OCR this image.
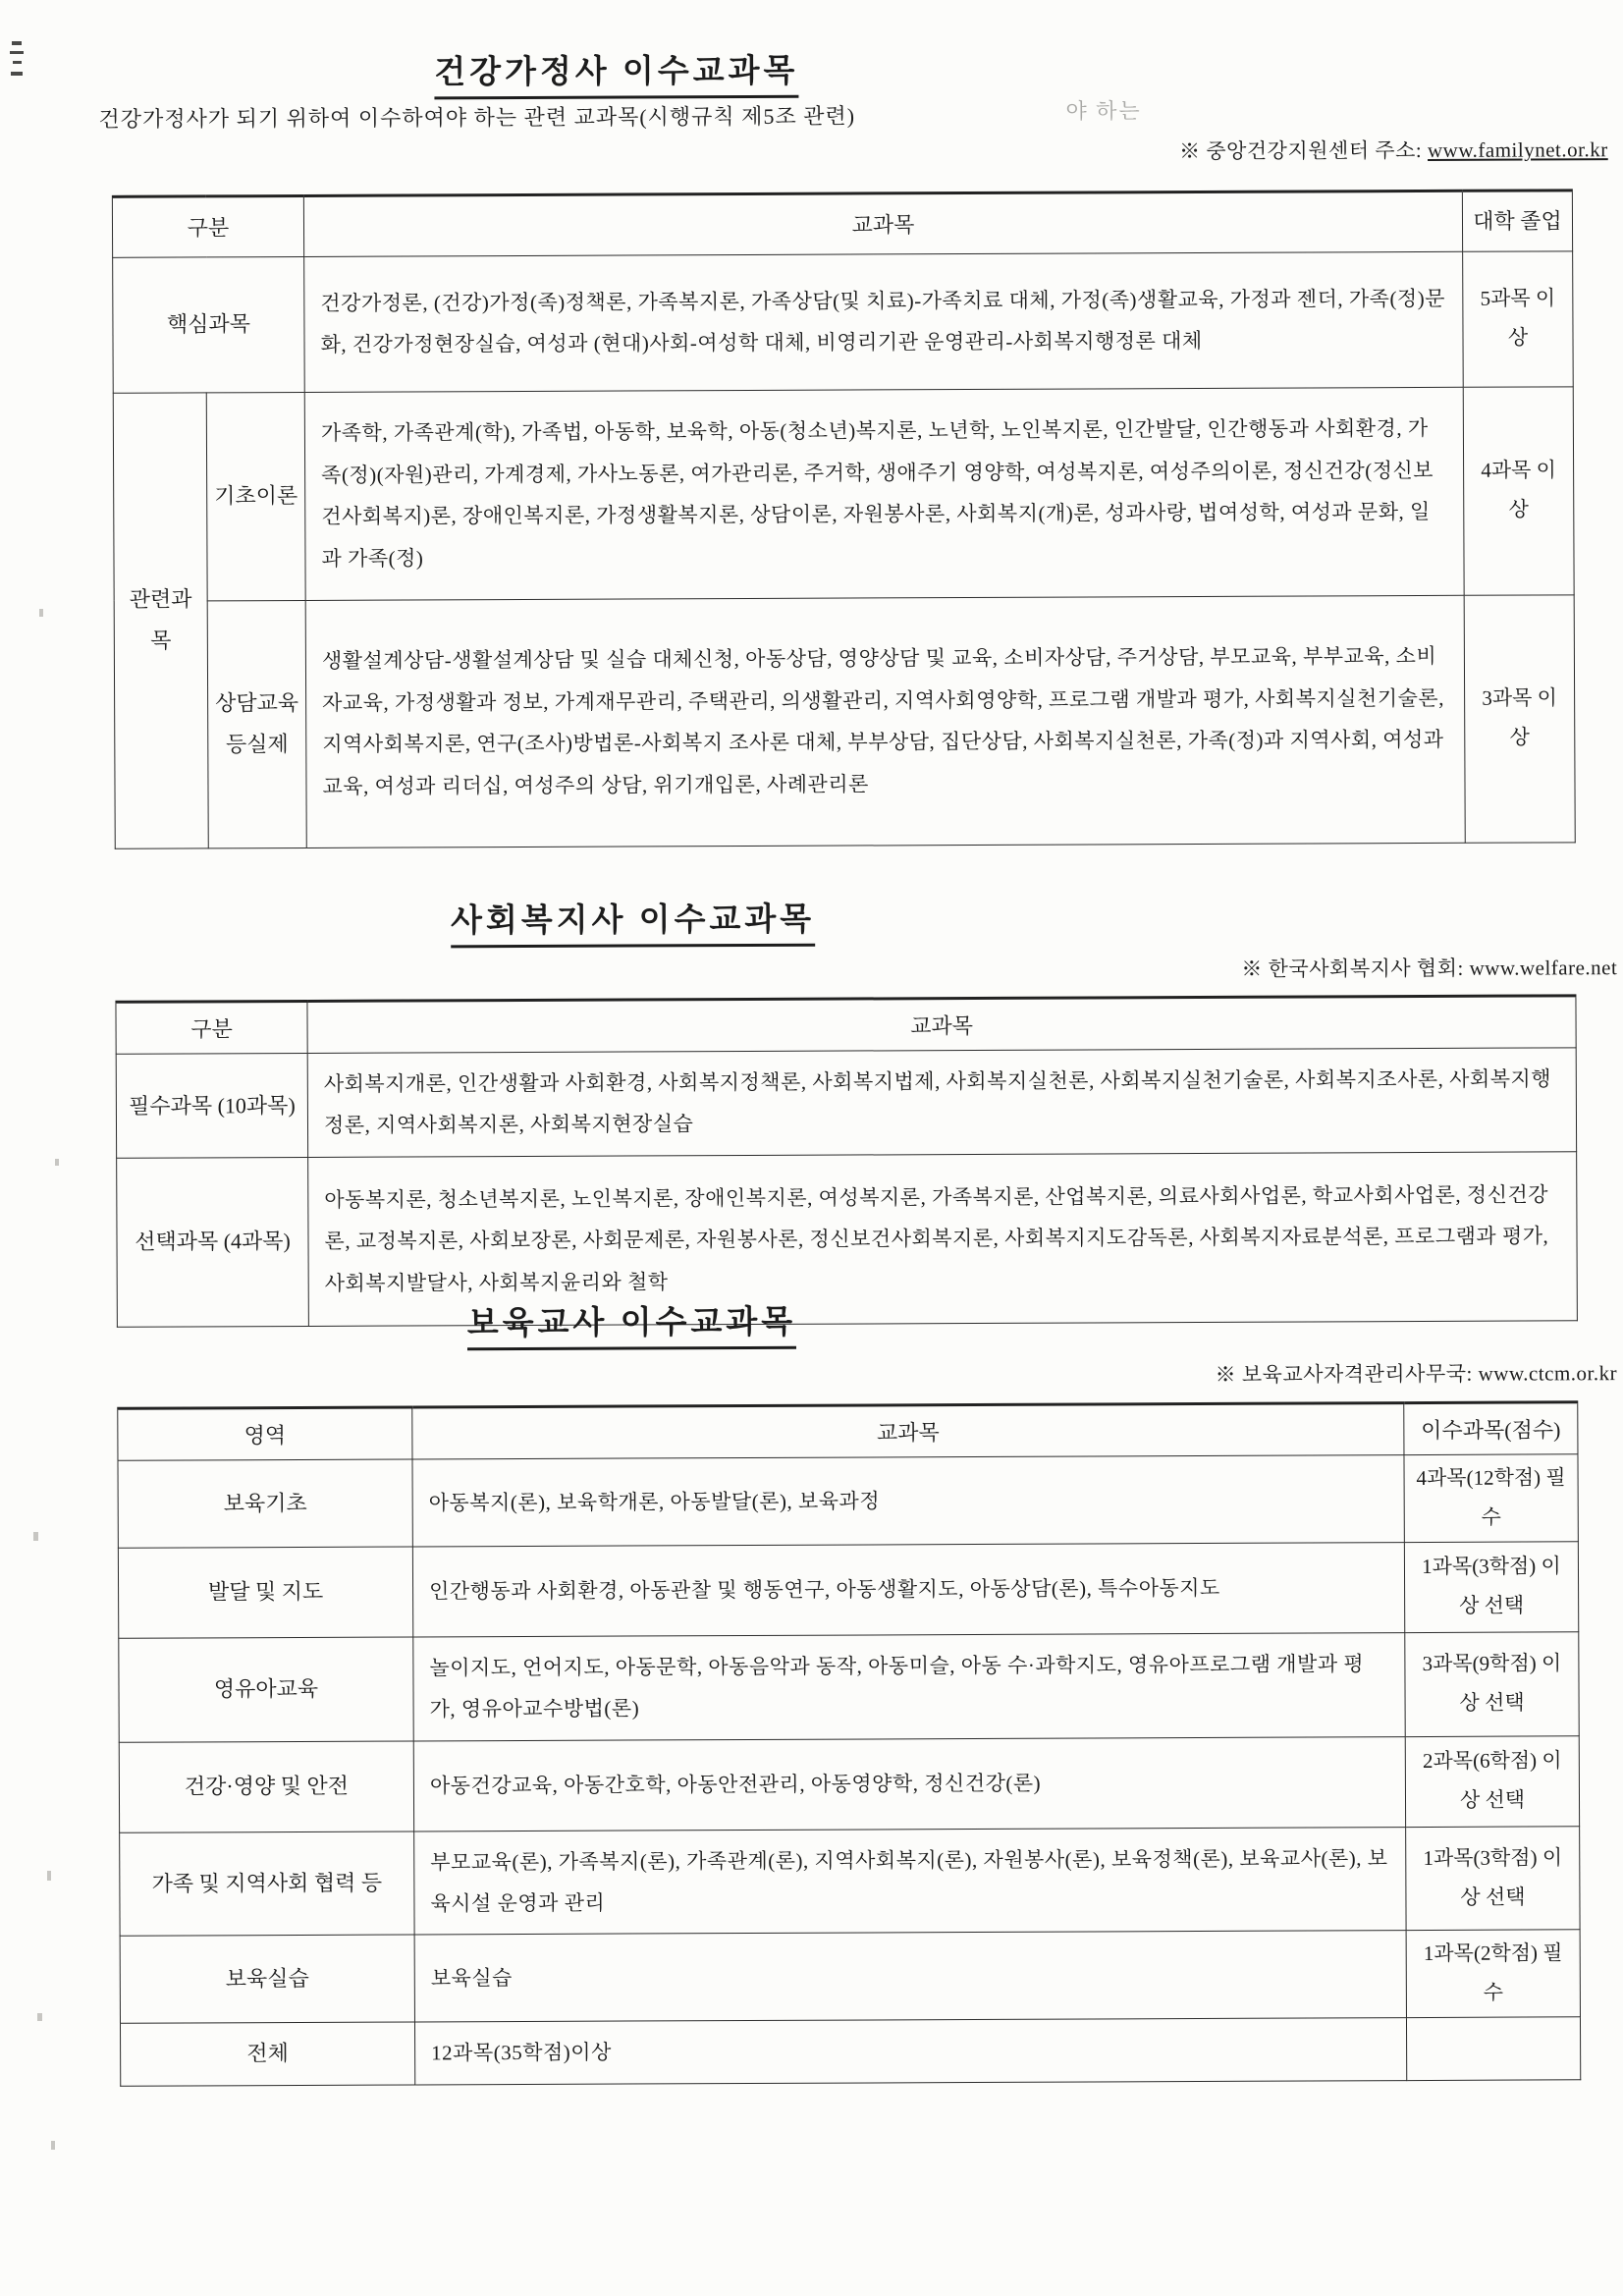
건강가정사 이수교과목
건강가정사가 되기 위하여 이수하여야 하는 관련 교과목(시행규칙 제5조 관련)	야 하는
※ 중앙건강지원센터 주소: www.familynet.or.kr
구분		교과목	대학 졸업
핵심과목		건강가정론, (건강)가정(족)정책론, 가족복지론, 가족상담(및 치료)-가족치료 대체, 가정(족)생활교육, 가정과 젠더, 가족(정)문화, 건강가정현장실습, 여성과 (현대)사회-여성학 대체, 비영리기관 운영관리-사회복지행정론 대체	5과목 이상
관련과목	기초이론	가족학, 가족관계(학), 가족법, 아동학, 보육학, 아동(청소년)복지론, 노년학, 노인복지론, 인간발달, 인간행동과 사회환경, 가족(정)(자원)관리, 가계경제, 가사노동론, 여가관리론, 주거학, 생애주기 영양학, 여성복지론, 여성주의이론, 정신건강(정신보건사회복지)론, 장애인복지론, 가정생활복지론, 상담이론, 자원봉사론, 사회복지(개)론, 성과사랑, 법여성학, 여성과 문화, 일과 가족(정)	4과목 이상
	상담교육등실제	생활설계상담-생활설계상담 및 실습 대체신청, 아동상담, 영양상담 및 교육, 소비자상담, 주거상담, 부모교육, 부부교육, 소비자교육, 가정생활과 정보, 가계재무관리, 주택관리, 의생활관리, 지역사회영양학, 프로그램 개발과 평가, 사회복지실천기술론, 지역사회복지론, 연구(조사)방법론-사회복지 조사론 대체, 부부상담, 집단상담, 사회복지실천론, 가족(정)과 지역사회, 여성과 교육, 여성과 리더십, 여성주의 상담, 위기개입론, 사례관리론	3과목 이상
사회복지사 이수교과목
※ 한국사회복지사 협회: www.welfare.net
구분	교과목
필수과목 (10과목)	사회복지개론, 인간생활과 사회환경, 사회복지정책론, 사회복지법제, 사회복지실천론, 사회복지실천기술론, 사회복지조사론, 사회복지행정론, 지역사회복지론, 사회복지현장실습
선택과목 (4과목)	아동복지론, 청소년복지론, 노인복지론, 장애인복지론, 여성복지론, 가족복지론, 산업복지론, 의료사회사업론, 학교사회사업론, 정신건강론, 교정복지론, 사회보장론, 사회문제론, 자원봉사론, 정신보건사회복지론, 사회복지지도감독론, 사회복지자료분석론, 프로그램과 평가, 사회복지발달사, 사회복지윤리와 철학
보육교사 이수교과목
※ 보육교사자격관리사무국: www.ctcm.or.kr
영역	교과목	이수과목(점수)
보육기초	아동복지(론), 보육학개론, 아동발달(론), 보육과정	4과목(12학점) 필수
발달 및 지도	인간행동과 사회환경, 아동관찰 및 행동연구, 아동생활지도, 아동상담(론), 특수아동지도	1과목(3학점) 이상 선택
영유아교육	놀이지도, 언어지도, 아동문학, 아동음악과 동작, 아동미슬, 아동 수·과학지도, 영유아프로그램 개발과 평가, 영유아교수방법(론)	3과목(9학점) 이상 선택
건강·영양 및 안전	아동건강교육, 아동간호학, 아동안전관리, 아동영양학, 정신건강(론)	2과목(6학점) 이상 선택
가족 및 지역사회 협력 등	부모교육(론), 가족복지(론), 가족관계(론), 지역사회복지(론), 자원봉사(론), 보육정책(론), 보육교사(론), 보육시설 운영과 관리	1과목(3학점) 이상 선택
보육실습	보육실습	1과목(2학점) 필수
전체	12과목(35학점)이상	
